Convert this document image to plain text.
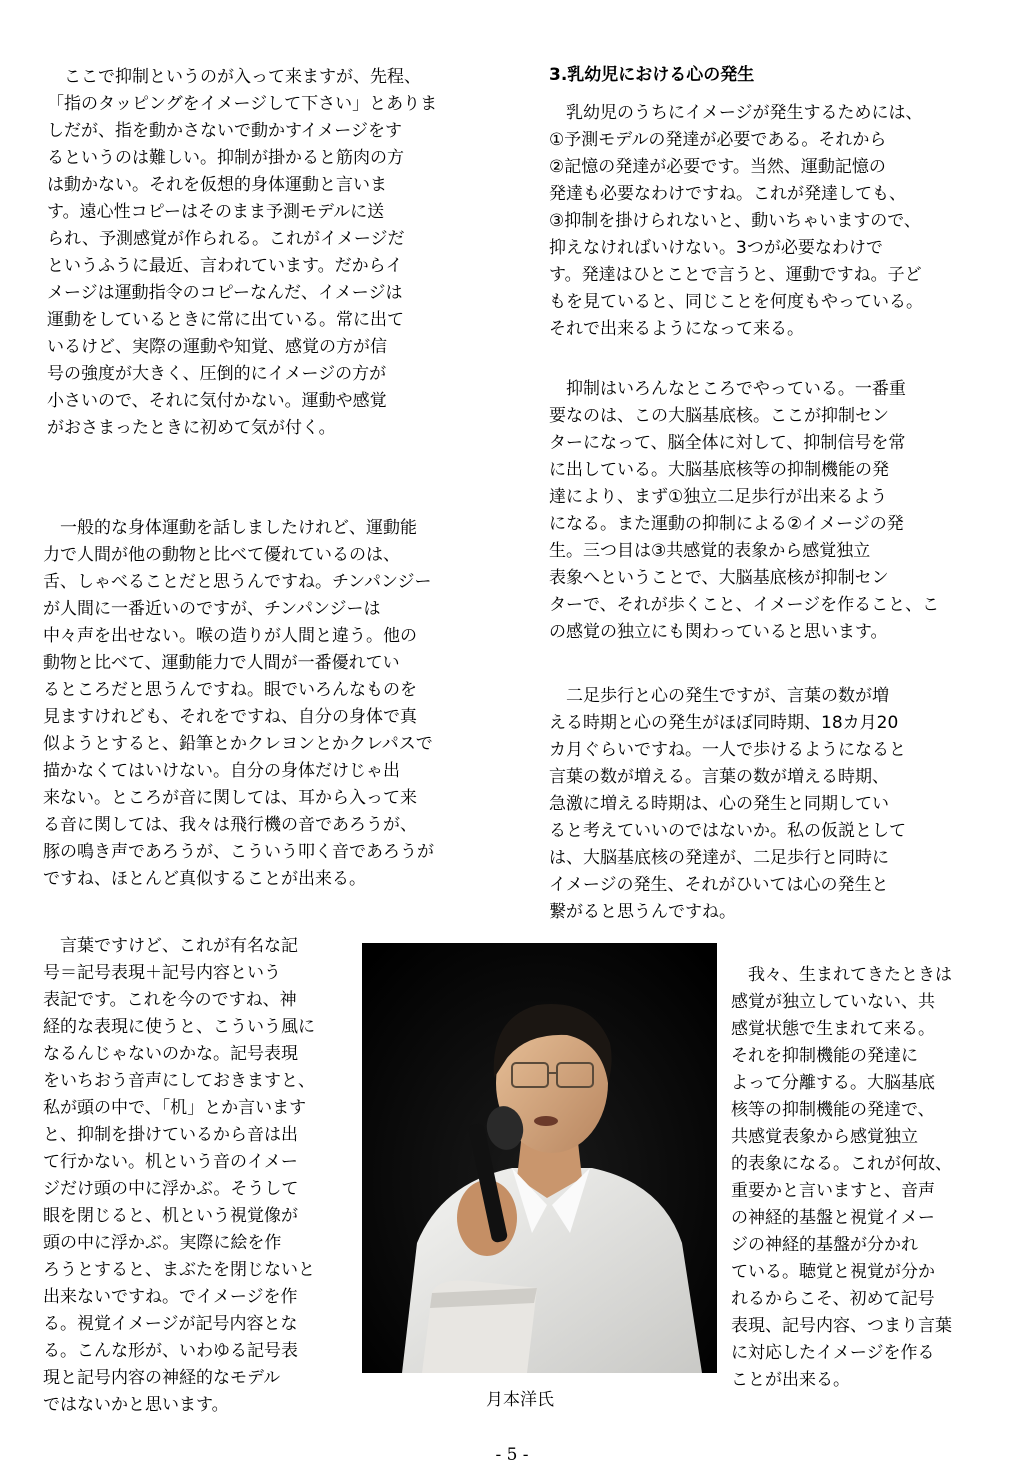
　ここで抑制というのが入って来ますが、先程、
「指のタッピングをイメージして下さい」とありま
しだが、指を動かさないで動かすイメージをす
るというのは難しい。抑制が掛かると筋肉の方
は動かない。それを仮想的身体運動と言いま
す。遠心性コピーはそのまま予測モデルに送
られ、予測感覚が作られる。これがイメージだ
というふうに最近、言われています。だからイ
メージは運動指令のコピーなんだ、イメージは
運動をしているときに常に出ている。常に出て
いるけど、実際の運動や知覚、感覚の方が信
号の強度が大きく、圧倒的にイメージの方が
小さいので、それに気付かない。運動や感覚
がおさまったときに初めて気が付く。
　一般的な身体運動を話しましたけれど、運動能
力で人間が他の動物と比べて優れているのは、
舌、しゃべることだと思うんですね。チンパンジー
が人間に一番近いのですが、チンパンジーは
中々声を出せない。喉の造りが人間と違う。他の
動物と比べて、運動能力で人間が一番優れてい
るところだと思うんですね。眼でいろんなものを
見ますけれども、それをですね、自分の身体で真
似ようとすると、鉛筆とかクレヨンとかクレパスで
描かなくてはいけない。自分の身体だけじゃ出
来ない。ところが音に関しては、耳から入って来
る音に関しては、我々は飛行機の音であろうが、
豚の鳴き声であろうが、こういう叩く音であろうが
ですね、ほとんど真似することが出来る。
　言葉ですけど、これが有名な記
号＝記号表現＋記号内容という
表記です。これを今のですね、神
経的な表現に使うと、こういう風に
なるんじゃないのかな。記号表現
をいちおう音声にしておきますと、
私が頭の中で、「机」とか言います
と、抑制を掛けているから音は出
て行かない。机という音のイメー
ジだけ頭の中に浮かぶ。そうして
眼を閉じると、机という視覚像が
頭の中に浮かぶ。実際に絵を作
ろうとすると、まぶたを閉じないと
出来ないですね。でイメージを作
る。視覚イメージが記号内容とな
る。こんな形が、いわゆる記号表
現と記号内容の神経的なモデル
ではないかと思います。
3.乳幼児における心の発生
　乳幼児のうちにイメージが発生するためには、
①予測モデルの発達が必要である。それから
②記憶の発達が必要です。当然、運動記憶の
発達も必要なわけですね。これが発達しても、
③抑制を掛けられないと、動いちゃいますので、
抑えなければいけない。3つが必要なわけで
す。発達はひとことで言うと、運動ですね。子ど
もを見ていると、同じことを何度もやっている。
それで出来るようになって来る。
　抑制はいろんなところでやっている。一番重
要なのは、この大脳基底核。ここが抑制セン
ターになって、脳全体に対して、抑制信号を常
に出している。大脳基底核等の抑制機能の発
達により、まず①独立二足歩行が出来るよう
になる。また運動の抑制による②イメージの発
生。三つ目は③共感覚的表象から感覚独立
表象へということで、大脳基底核が抑制セン
ターで、それが歩くこと、イメージを作ること、こ
の感覚の独立にも関わっていると思います。
　二足歩行と心の発生ですが、言葉の数が増
える時期と心の発生がほぼ同時期、18カ月20
カ月ぐらいですね。一人で歩けるようになると
言葉の数が増える。言葉の数が増える時期、
急激に増える時期は、心の発生と同期してい
ると考えていいのではないか。私の仮説として
は、大脳基底核の発達が、二足歩行と同時に
イメージの発生、それがひいては心の発生と
繋がると思うんですね。
　我々、生まれてきたときは
感覚が独立していない、共
感覚状態で生まれて来る。
それを抑制機能の発達に
よって分離する。大脳基底
核等の抑制機能の発達で、
共感覚表象から感覚独立
的表象になる。これが何故、
重要かと言いますと、音声
の神経的基盤と視覚イメー
ジの神経的基盤が分かれ
ている。聴覚と視覚が分か
れるからこそ、初めて記号
表現、記号内容、つまり言葉
に対応したイメージを作る
ことが出来る。

月本洋氏

- 5 -
